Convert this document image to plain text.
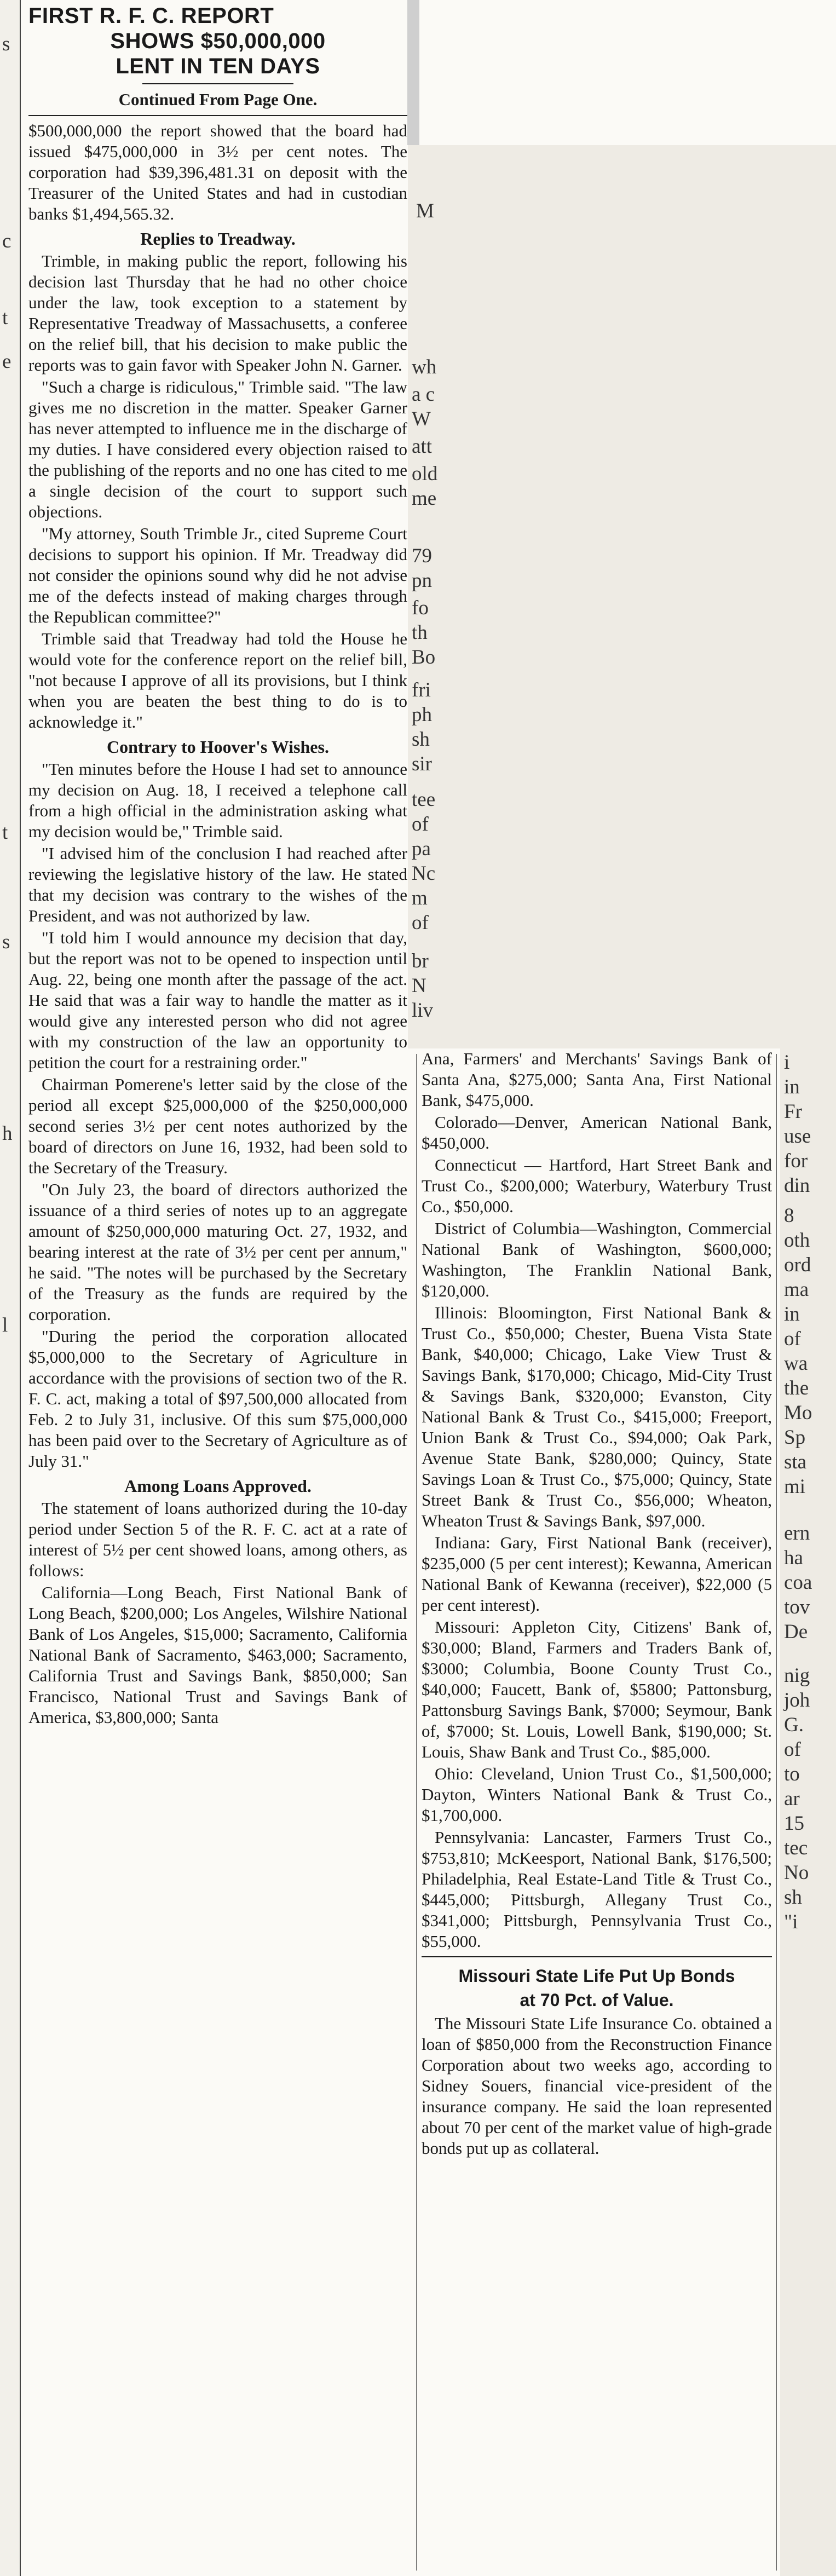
s
c
t
e
t
s
h
l
M
wh
a c
W
att
old
me
79
pn
fo
th
Bo
fri
ph
sh
sir
tee
of
pa
Nc
m
of
br
N
liv
i
in
Fr
use
for
din
8
oth
ord
ma
in
of
wa
the
Mo
Sp
sta
mi
ern
ha
coa
tov
De
nig
joh
G.
of
to
ar
15
tec
No
sh
"i
FIRST R. F. C. REPORT
SHOWS $50,000,000
LENT IN TEN DAYS
Continued From Page One.

$500,000,000 the report showed that the board had issued $475,000,000 in 3½ per cent notes. The corporation had $39,396,481.31 on deposit with the Treasurer of the United States and had in custodian banks $1,494,565.32.

Replies to Treadway.

Trimble, in making public the report, following his decision last Thursday that he had no other choice under the law, took exception to a statement by Representative Treadway of Massachusetts, a conferee on the relief bill, that his decision to make public the reports was to gain favor with Speaker John N. Garner.

"Such a charge is ridiculous," Trimble said. "The law gives me no discretion in the matter. Speaker Garner has never attempted to influence me in the discharge of my duties. I have considered every objection raised to the publishing of the reports and no one has cited to me a single decision of the court to support such objections.

"My attorney, South Trimble Jr., cited Supreme Court decisions to support his opinion. If Mr. Treadway did not consider the opinions sound why did he not advise me of the defects instead of making charges through the Republican committee?"

Trimble said that Treadway had told the House he would vote for the conference report on the relief bill, "not because I approve of all its provisions, but I think when you are beaten the best thing to do is to acknowledge it."

Contrary to Hoover's Wishes.

"Ten minutes before the House I had set to announce my decision on Aug. 18, I received a telephone call from a high official in the administration asking what my decision would be," Trimble said.

"I advised him of the conclusion I had reached after reviewing the legislative history of the law. He stated that my decision was contrary to the wishes of the President, and was not authorized by law.

"I told him I would announce my decision that day, but the report was not to be opened to inspection until Aug. 22, being one month after the passage of the act. He said that was a fair way to handle the matter as it would give any interested person who did not agree with my construction of the law an opportunity to petition the court for a restraining order."

Chairman Pomerene's letter said by the close of the period all except $25,000,000 of the $250,000,000 second series 3½ per cent notes authorized by the board of directors on June 16, 1932, had been sold to the Secretary of the Treasury.

"On July 23, the board of directors authorized the issuance of a third series of notes up to an aggregate amount of $250,000,000 maturing Oct. 27, 1932, and bearing interest at the rate of 3½ per cent per annum," he said. "The notes will be purchased by the Secretary of the Treasury as the funds are required by the corporation.

"During the period the corporation allocated $5,000,000 to the Secretary of Agriculture in accordance with the provisions of section two of the R. F. C. act, making a total of $97,500,000 allocated from Feb. 2 to July 31, inclusive. Of this sum $75,000,000 has been paid over to the Secretary of Agriculture as of July 31."

Among Loans Approved.

The statement of loans authorized during the 10-day period under Section 5 of the R. F. C. act at a rate of interest of 5½ per cent showed loans, among others, as follows:

California—Long Beach, First National Bank of Long Beach, $200,000; Los Angeles, Wilshire National Bank of Los Angeles, $15,000; Sacramento, California National Bank of Sacramento, $463,000; Sacramento, California Trust and Savings Bank, $850,000; San Francisco, National Trust and Savings Bank of America, $3,800,000; Santa

Ana, Farmers' and Merchants' Savings Bank of Santa Ana, $275,000; Santa Ana, First National Bank, $475,000.

Colorado—Denver, American National Bank, $450,000.

Connecticut — Hartford, Hart Street Bank and Trust Co., $200,000; Waterbury, Waterbury Trust Co., $50,000.

District of Columbia—Washington, Commercial National Bank of Washington, $600,000; Washington, The Franklin National Bank, $120,000.

Illinois: Bloomington, First National Bank & Trust Co., $50,000; Chester, Buena Vista State Bank, $40,000; Chicago, Lake View Trust & Savings Bank, $170,000; Chicago, Mid-City Trust & Savings Bank, $320,000; Evanston, City National Bank & Trust Co., $415,000; Freeport, Union Bank & Trust Co., $94,000; Oak Park, Avenue State Bank, $280,000; Quincy, State Savings Loan & Trust Co., $75,000; Quincy, State Street Bank & Trust Co., $56,000; Wheaton, Wheaton Trust & Savings Bank, $97,000.

Indiana: Gary, First National Bank (receiver), $235,000 (5 per cent interest); Kewanna, American National Bank of Kewanna (receiver), $22,000 (5 per cent interest).

Missouri: Appleton City, Citizens' Bank of, $30,000; Bland, Farmers and Traders Bank of, $3000; Columbia, Boone County Trust Co., $40,000; Faucett, Bank of, $5800; Pattonsburg, Pattonsburg Savings Bank, $7000; Seymour, Bank of, $7000; St. Louis, Lowell Bank, $190,000; St. Louis, Shaw Bank and Trust Co., $85,000.

Ohio: Cleveland, Union Trust Co., $1,500,000; Dayton, Winters National Bank & Trust Co., $1,700,000.

Pennsylvania: Lancaster, Farmers Trust Co., $753,810; McKeesport, National Bank, $176,500; Philadelphia, Real Estate-Land Title & Trust Co., $445,000; Pittsburgh, Allegany Trust Co., $341,000; Pittsburgh, Pennsylvania Trust Co., $55,000.

Missouri State Life Put Up Bonds
at 70 Pct. of Value.

The Missouri State Life Insurance Co. obtained a loan of $850,000 from the Reconstruction Finance Corporation about two weeks ago, according to Sidney Souers, financial vice-president of the insurance company. He said the loan represented about 70 per cent of the market value of high-grade bonds put up as collateral.
